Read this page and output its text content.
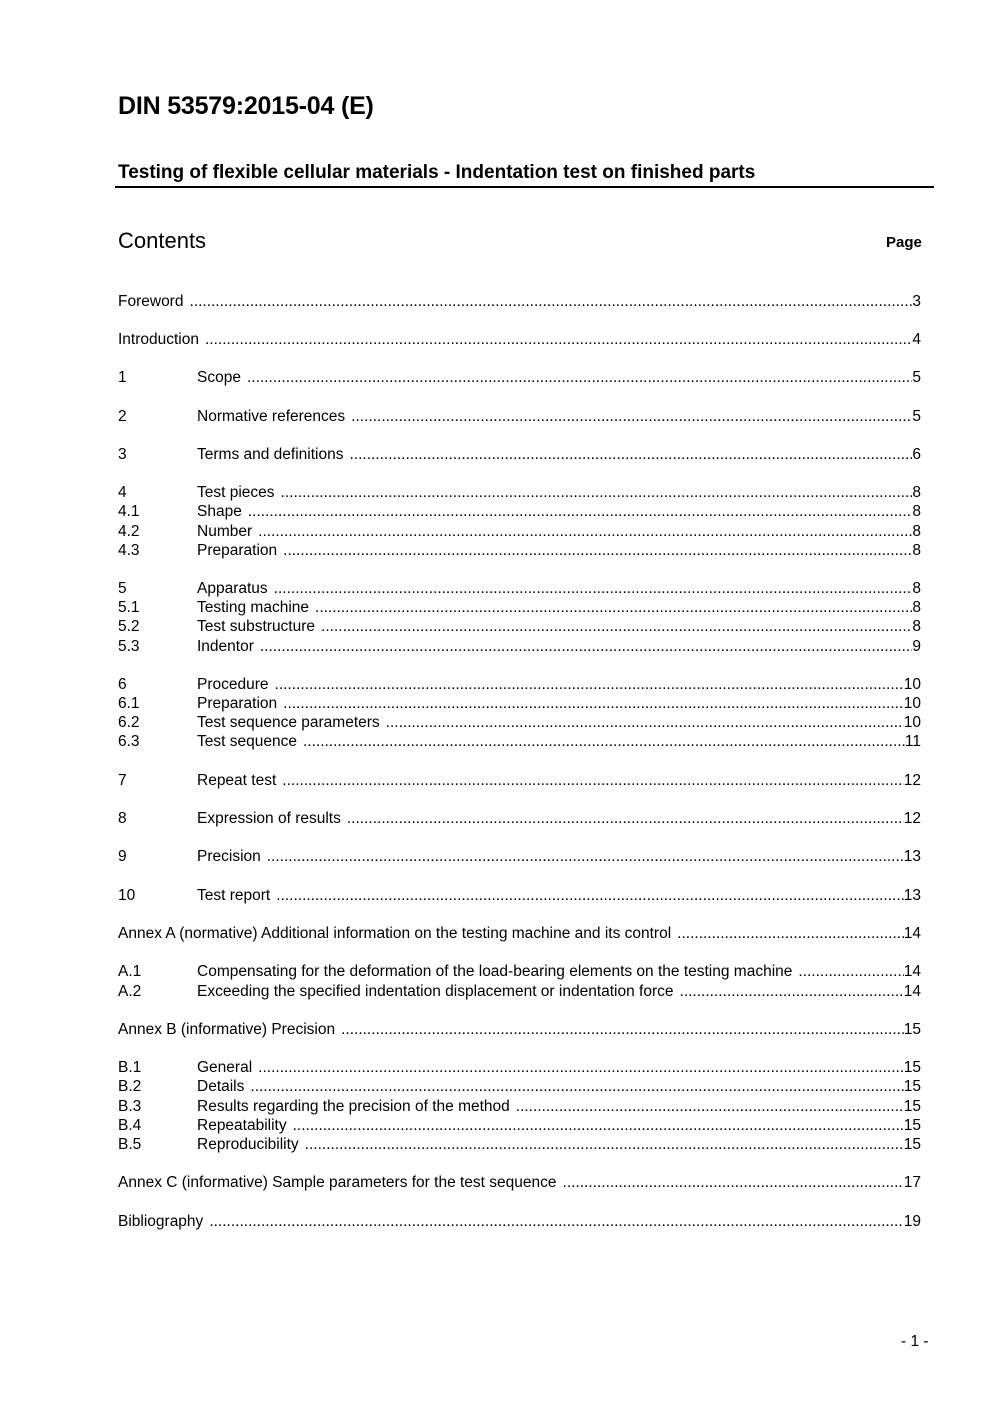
DIN 53579:2015-04 (E)
Testing of flexible cellular materials - Indentation test on finished parts
Contents	Page
Foreword .....	3
Introduction .....	4
1	Scope .....	5
2	Normative references .....	5
3	Terms and definitions .....	6
4	Test pieces .....	8
4.1	Shape .....	8
4.2	Number .....	8
4.3	Preparation .....	8
5	Apparatus .....	8
5.1	Testing machine .....	8
5.2	Test substructure .....	8
5.3	Indentor .....	9
6	Procedure .....	10
6.1	Preparation .....	10
6.2	Test sequence parameters .....	10
6.3	Test sequence .....	11
7	Repeat test .....	12
8	Expression of results .....	12
9	Precision .....	13
10	Test report .....	13
Annex A (normative) Additional information on the testing machine and its control .....	14
A.1	Compensating for the deformation of the load-bearing elements on the testing machine .....	14
A.2	Exceeding the specified indentation displacement or indentation force .....	14
Annex B (informative) Precision .....	15
B.1	General .....	15
B.2	Details .....	15
B.3	Results regarding the precision of the method .....	15
B.4	Repeatability .....	15
B.5	Reproducibility .....	15
Annex C (informative) Sample parameters for the test sequence .....	17
Bibliography .....	19
- 1 -
